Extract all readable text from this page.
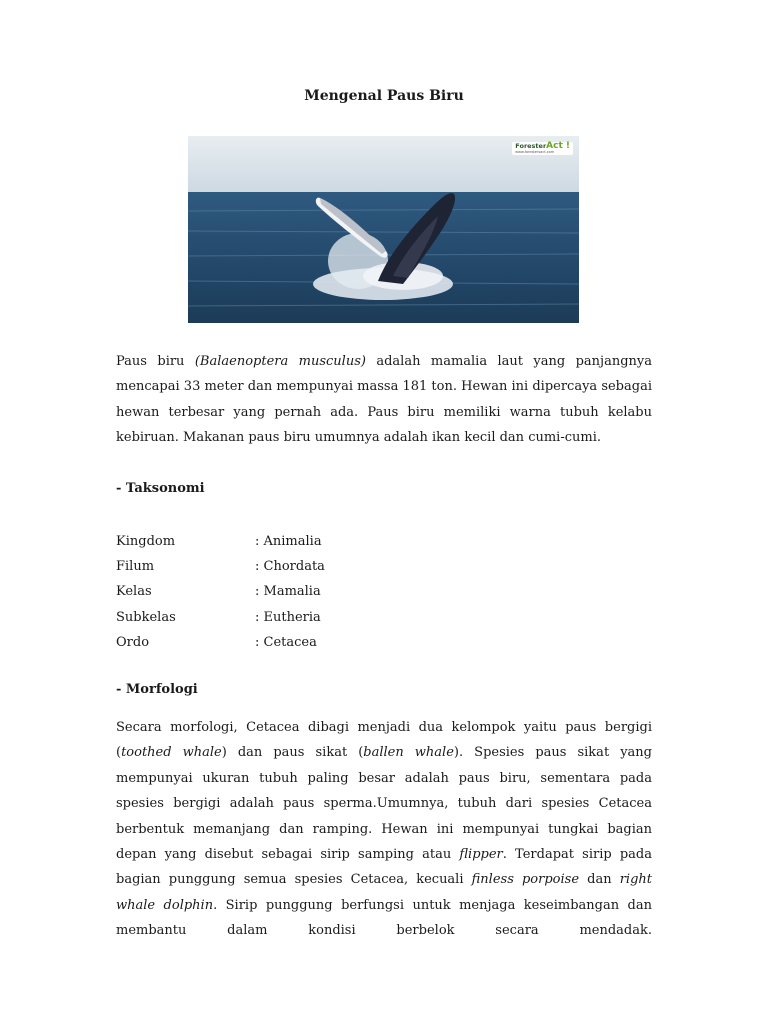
Mengenal Paus Biru
ForesterAct !
www.forestersact.com

Paus biru (Balaenoptera musculus) adalah mamalia laut yang panjangnya mencapai 33 meter dan mempunyai massa 181 ton. Hewan ini dipercaya sebagai hewan terbesar yang pernah ada. Paus biru memiliki warna tubuh kelabu kebiruan. Makanan paus biru umumnya adalah ikan kecil dan cumi-cumi.

- Taksonomi

Kingdom	: Animalia
Filum	: Chordata
Kelas	: Mamalia
Subkelas	: Eutheria
Ordo	: Cetacea

- Morfologi

Secara morfologi, Cetacea dibagi menjadi dua kelompok yaitu paus bergigi (toothed whale) dan paus sikat (ballen whale). Spesies paus sikat yang mempunyai ukuran tubuh paling besar adalah paus biru, sementara pada spesies bergigi adalah paus sperma.Umumnya, tubuh dari spesies Cetacea berbentuk memanjang dan ramping. Hewan ini mempunyai tungkai bagian depan yang disebut sebagai sirip samping atau flipper. Terdapat sirip pada bagian punggung semua spesies Cetacea, kecuali finless porpoise dan right whale dolphin. Sirip punggung berfungsi untuk menjaga keseimbangan dan membantu dalam kondisi berbelok secara mendadak.
